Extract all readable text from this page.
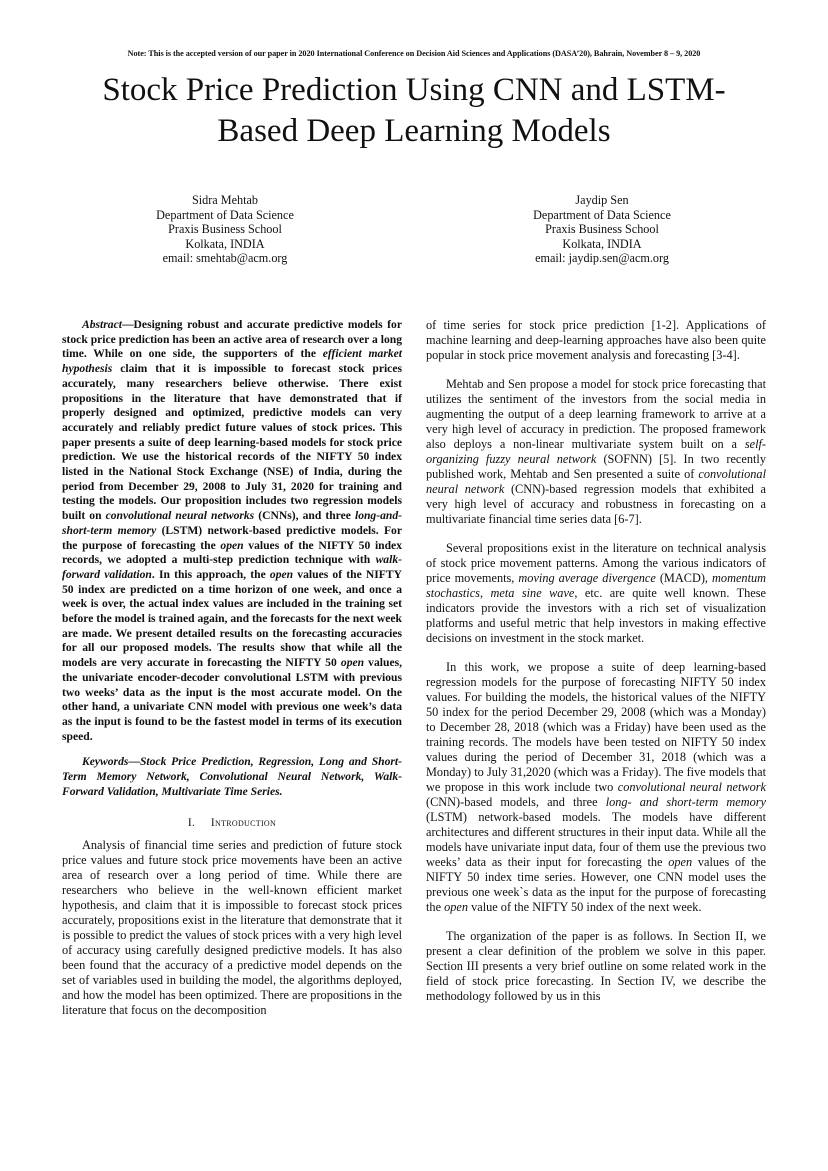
Note: This is the accepted version of our paper in 2020 International Conference on Decision Aid Sciences and Applications (DASA’20), Bahrain, November 8 – 9, 2020
Stock Price Prediction Using CNN and LSTM-
Based Deep Learning Models
Sidra Mehtab
Department of Data Science
Praxis Business School
Kolkata, INDIA
email: smehtab@acm.org
Jaydip Sen
Department of Data Science
Praxis Business School
Kolkata, INDIA
email: jaydip.sen@acm.org

Abstract—Designing robust and accurate predictive models for stock price prediction has been an active area of research over a long time. While on one side, the supporters of the efficient market hypothesis claim that it is impossible to forecast stock prices accurately, many researchers believe otherwise. There exist propositions in the literature that have demonstrated that if properly designed and optimized, predictive models can very accurately and reliably predict future values of stock prices. This paper presents a suite of deep learning-based models for stock price prediction. We use the historical records of the NIFTY 50 index listed in the National Stock Exchange (NSE) of India, during the period from December 29, 2008 to July 31, 2020 for training and testing the models. Our proposition includes two regression models built on convolutional neural networks (CNNs), and three long-and-short-term memory (LSTM) network-based predictive models. For the purpose of forecasting the open values of the NIFTY 50 index records, we adopted a multi-step prediction technique with walk-forward validation. In this approach, the open values of the NIFTY 50 index are predicted on a time horizon of one week, and once a week is over, the actual index values are included in the training set before the model is trained again, and the forecasts for the next week are made. We present detailed results on the forecasting accuracies for all our proposed models. The results show that while all the models are very accurate in forecasting the NIFTY 50 open values, the univariate encoder-decoder convolutional LSTM with previous two weeks’ data as the input is the most accurate model. On the other hand, a univariate CNN model with previous one week’s data as the input is found to be the fastest model in terms of its execution speed.

Keywords—Stock Price Prediction, Regression, Long and Short-Term Memory Network, Convolutional Neural Network, Walk-Forward Validation, Multivariate Time Series.

I. Introduction

Analysis of financial time series and prediction of future stock price values and future stock price movements have been an active area of research over a long period of time. While there are researchers who believe in the well-known efficient market hypothesis, and claim that it is impossible to forecast stock prices accurately, propositions exist in the literature that demonstrate that it is possible to predict the values of stock prices with a very high level of accuracy using carefully designed predictive models. It has also been found that the accuracy of a predictive model depends on the set of variables used in building the model, the algorithms deployed, and how the model has been optimized. There are propositions in the literature that focus on the decomposition

of time series for stock price prediction [1-2]. Applications of machine learning and deep-learning approaches have also been quite popular in stock price movement analysis and forecasting [3-4].

Mehtab and Sen propose a model for stock price forecasting that utilizes the sentiment of the investors from the social media in augmenting the output of a deep learning framework to arrive at a very high level of accuracy in prediction. The proposed framework also deploys a non-linear multivariate system built on a self-organizing fuzzy neural network (SOFNN) [5]. In two recently published work, Mehtab and Sen presented a suite of convolutional neural network (CNN)-based regression models that exhibited a very high level of accuracy and robustness in forecasting on a multivariate financial time series data [6-7].

Several propositions exist in the literature on technical analysis of stock price movement patterns. Among the various indicators of price movements, moving average divergence (MACD), momentum stochastics, meta sine wave, etc. are quite well known. These indicators provide the investors with a rich set of visualization platforms and useful metric that help investors in making effective decisions on investment in the stock market.

In this work, we propose a suite of deep learning-based regression models for the purpose of forecasting NIFTY 50 index values. For building the models, the historical values of the NIFTY 50 index for the period December 29, 2008 (which was a Monday) to December 28, 2018 (which was a Friday) have been used as the training records. The models have been tested on NIFTY 50 index values during the period of December 31, 2018 (which was a Monday) to July 31,2020 (which was a Friday). The five models that we propose in this work include two convolutional neural network (CNN)-based models, and three long- and short-term memory (LSTM) network-based models. The models have different architectures and different structures in their input data. While all the models have univariate input data, four of them use the previous two weeks’ data as their input for forecasting the open values of the NIFTY 50 index time series. However, one CNN model uses the previous one week`s data as the input for the purpose of forecasting the open value of the NIFTY 50 index of the next week.

The organization of the paper is as follows. In Section II, we present a clear definition of the problem we solve in this paper. Section III presents a very brief outline on some related work in the field of stock price forecasting. In Section IV, we describe the methodology followed by us in this
